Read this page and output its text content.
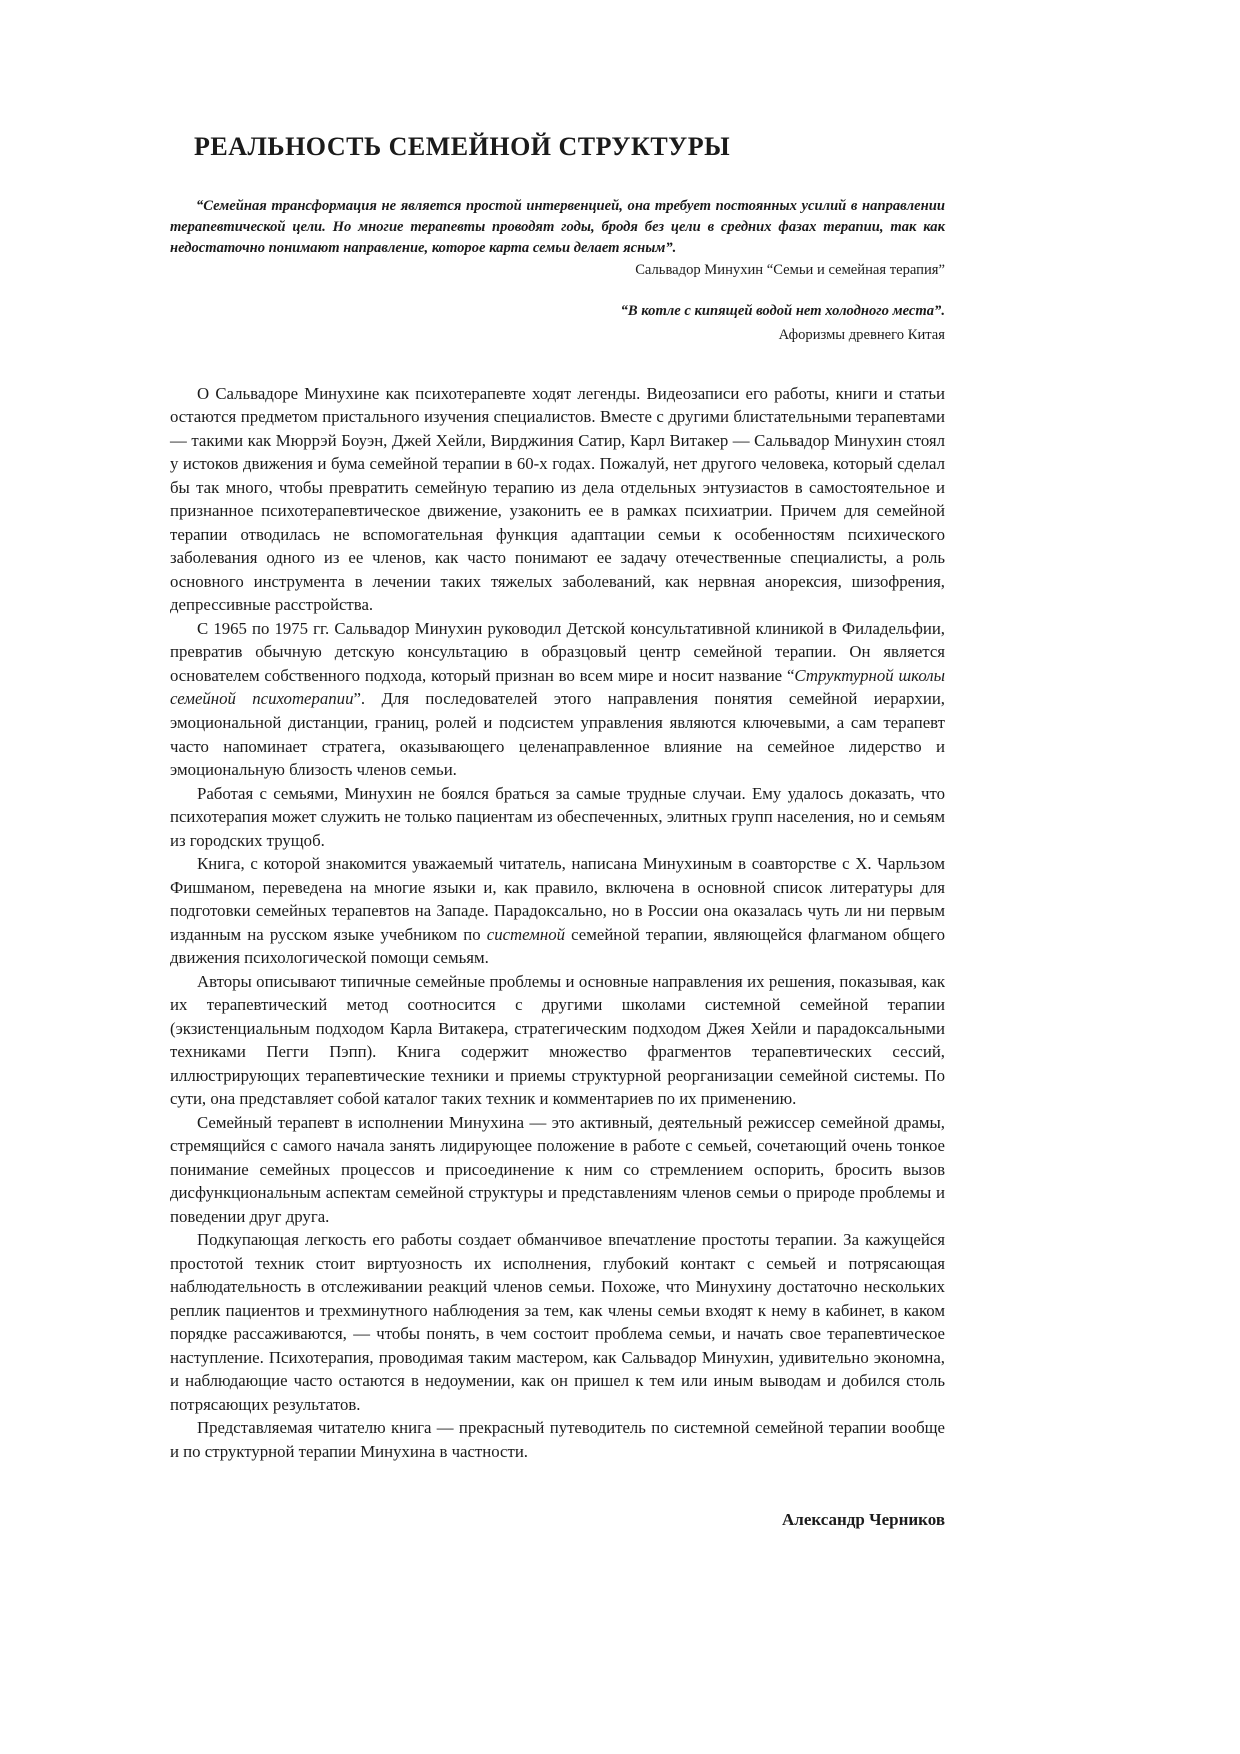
РЕАЛЬНОСТЬ СЕМЕЙНОЙ СТРУКТУРЫ

“Семейная трансформация не является простой интервенцией, она требует постоянных усилий в направлении терапевтической цели. Но многие терапевты проводят годы, бродя без цели в средних фазах терапии, так как недостаточно понимают направление, которое карта семьи делает ясным”.

Сальвадор Минухин “Семьи и семейная терапия”

“В котле с кипящей водой нет холодного места”.

Афоризмы древнего Китая

О Сальвадоре Минухине как психотерапевте ходят легенды. Видеозаписи его работы, книги и статьи остаются предметом пристального изучения специалистов. Вместе с другими блистательными терапевтами — такими как Мюррэй Боуэн, Джей Хейли, Вирджиния Сатир, Карл Витакер — Сальвадор Минухин стоял у истоков движения и бума семейной терапии в 60-х годах. Пожалуй, нет другого человека, который сделал бы так много, чтобы превратить семейную терапию из дела отдельных энтузиастов в самостоятельное и признанное психотерапевтическое движение, узаконить ее в рамках психиатрии. Причем для семейной терапии отводилась не вспомогательная функция адаптации семьи к особенностям психического заболевания одного из ее членов, как часто понимают ее задачу отечественные специалисты, а роль основного инструмента в лечении таких тяжелых заболеваний, как нервная анорексия, шизофрения, депрессивные расстройства.

С 1965 по 1975 гг. Сальвадор Минухин руководил Детской консультативной клиникой в Филадельфии, превратив обычную детскую консультацию в образцовый центр семейной терапии. Он является основателем собственного подхода, который признан во всем мире и носит название “Структурной школы семейной психотерапии”. Для последователей этого направления понятия семейной иерархии, эмоциональной дистанции, границ, ролей и подсистем управления являются ключевыми, а сам терапевт часто напоминает стратега, оказывающего целенаправленное влияние на семейное лидерство и эмоциональную близость членов семьи.

Работая с семьями, Минухин не боялся браться за самые трудные случаи. Ему удалось доказать, что психотерапия может служить не только пациентам из обеспеченных, элитных групп населения, но и семьям из городских трущоб.

Книга, с которой знакомится уважаемый читатель, написана Минухиным в соавторстве с Х. Чарльзом Фишманом, переведена на многие языки и, как правило, включена в основной список литературы для подготовки семейных терапевтов на Западе. Парадоксально, но в России она оказалась чуть ли ни первым изданным на русском языке учебником по системной семейной терапии, являющейся флагманом общего движения психологической помощи семьям.

Авторы описывают типичные семейные проблемы и основные направления их решения, показывая, как их терапевтический метод соотносится с другими школами системной семейной терапии (экзистенциальным подходом Карла Витакера, стратегическим подходом Джея Хейли и парадоксальными техниками Пегги Пэпп). Книга содержит множество фрагментов терапевтических сессий, иллюстрирующих терапевтические техники и приемы структурной реорганизации семейной системы. По сути, она представляет собой каталог таких техник и комментариев по их применению.

Семейный терапевт в исполнении Минухина — это активный, деятельный режиссер семейной драмы, стремящийся с самого начала занять лидирующее положение в работе с семьей, сочетающий очень тонкое понимание семейных процессов и присоединение к ним со стремлением оспорить, бросить вызов дисфункциональным аспектам семейной структуры и представлениям членов семьи о природе проблемы и поведении друг друга.

Подкупающая легкость его работы создает обманчивое впечатление простоты терапии. За кажущейся простотой техник стоит виртуозность их исполнения, глубокий контакт с семьей и потрясающая наблюдательность в отслеживании реакций членов семьи. Похоже, что Минухину достаточно нескольких реплик пациентов и трехминутного наблюдения за тем, как члены семьи входят к нему в кабинет, в каком порядке рассаживаются, — чтобы понять, в чем состоит проблема семьи, и начать свое терапевтическое наступление. Психотерапия, проводимая таким мастером, как Сальвадор Минухин, удивительно экономна, и наблюдающие часто остаются в недоумении, как он пришел к тем или иным выводам и добился столь потрясающих результатов.

Представляемая читателю книга — прекрасный путеводитель по системной семейной терапии вообще и по структурной терапии Минухина в частности.

Александр Черников
